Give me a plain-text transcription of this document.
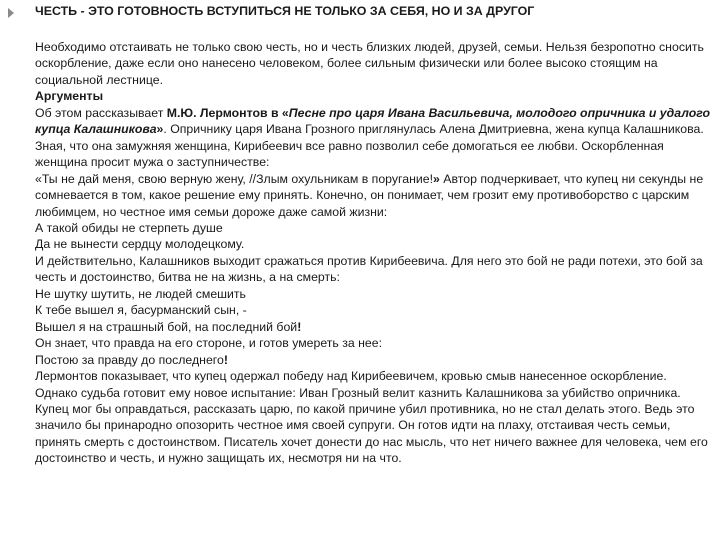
ЧЕСТЬ - ЭТО ГОТОВНОСТЬ ВСТУПИТЬСЯ НЕ ТОЛЬКО ЗА СЕБЯ, НО И ЗА ДРУГОГ

Необходимо отстаивать не только свою честь, но и честь близких людей, друзей, семьи. Нельзя безропотно сносить оскорбление, даже если оно нанесено человеком, более сильным физически или более высоко стоящим на социальной лестнице.

Аргументы

Об этом рассказывает М.Ю. Лермонтов в «Песне про царя Ивана Васильевича, молодого опричника и удалого купца Калашникова». Опричнику царя Ивана Грозного приглянулась Алена Дмитриевна, жена купца Калашникова. Зная, что она замужняя женщина, Кирибеевич все равно позволил себе домогаться ее любви. Оскорбленная женщина просит мужа о заступничестве:

«Ты не дай меня, свою верную жену, //Злым охульникам в поругание!» Автор подчеркивает, что купец ни секунды не сомневается в том, какое решение ему принять. Конечно, он понимает, чем грозит ему противоборство с царским любимцем, но честное имя семьи дороже даже самой жизни:

А такой обиды не стерпеть душе

Да не вынести сердцу молодецкому.

И действительно, Калашников выходит сражаться против Кирибеевича. Для него это бой не ради потехи, это бой за честь и достоинство, битва не на жизнь, а на смерть:

Не шутку шутить, не людей смешить

К тебе вышел я, басурманский сын, -

Вышел я на страшный бой, на последний бой!

Он знает, что правда на его стороне, и готов умереть за нее:

Постою за правду до последнего!

Лермонтов показывает, что купец одержал победу над Кирибеевичем, кровью смыв нанесенное оскорбление. Однако судьба готовит ему новое испытание: Иван Грозный велит казнить Калашникова за убийство опричника. Купец мог бы оправдаться, рассказать царю, по какой причине убил противника, но не стал делать этого. Ведь это значило бы принародно опозорить честное имя своей супруги. Он готов идти на плаху, отстаивая честь семьи, принять смерть с достоинством. Писатель хочет донести до нас мысль, что нет ничего важнее для человека, чем его достоинство и честь, и нужно защищать их, несмотря ни на что.
